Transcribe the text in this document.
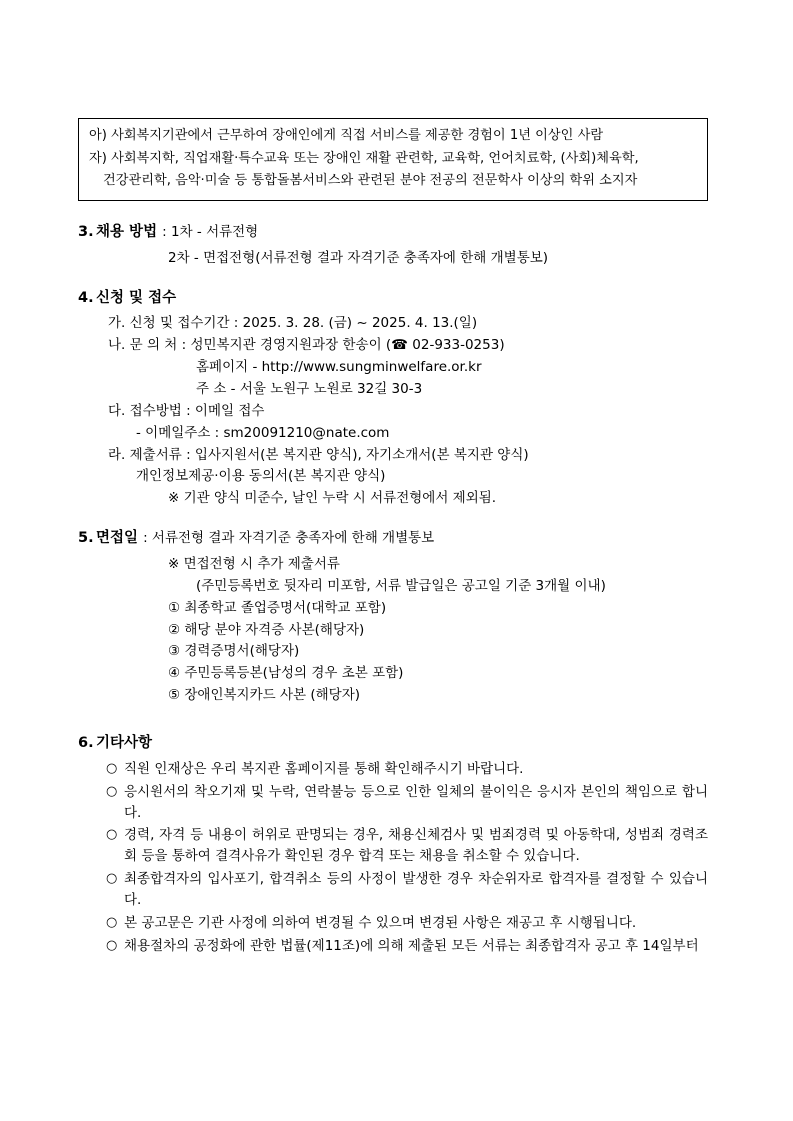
아) 사회복지기관에서 근무하여 장애인에게 직접 서비스를 제공한 경험이 1년 이상인 사람

자) 사회복지학, 직업재활·특수교육 또는 장애인 재활 관련학, 교육학, 언어치료학, (사회)체육학,

건강관리학, 음악·미술 등 통합돌봄서비스와 관련된 분야 전공의 전문학사 이상의 학위 소지자

3. 채용 방법 : 1차 - 서류전형
2차 - 면접전형(서류전형 결과 자격기준 충족자에 한해 개별통보)
4. 신청 및 접수
가. 신청 및 접수기간 : 2025. 3. 28. (금) ~ 2025. 4. 13.(일)
나. 문 의 처 : 성민복지관 경영지원과장 한송이 (☎ 02-933-0253)
홈페이지 - http://www.sungminwelfare.or.kr
주 소 - 서울 노원구 노원로 32길 30-3
다. 접수방법 : 이메일 접수
- 이메일주소 : sm20091210@nate.com
라. 제출서류 : 입사지원서(본 복지관 양식), 자기소개서(본 복지관 양식)
개인정보제공·이용 동의서(본 복지관 양식)
※ 기관 양식 미준수, 날인 누락 시 서류전형에서 제외됨.
5. 면접일 : 서류전형 결과 자격기준 충족자에 한해 개별통보
※ 면접전형 시 추가 제출서류
(주민등록번호 뒷자리 미포함, 서류 발급일은 공고일 기준 3개월 이내)
① 최종학교 졸업증명서(대학교 포함)
② 해당 분야 자격증 사본(해당자)
③ 경력증명서(해당자)
④ 주민등록등본(남성의 경우 초본 포함)
⑤ 장애인복지카드 사본 (해당자)
6. 기타사항
○ 직원 인재상은 우리 복지관 홈페이지를 통해 확인해주시기 바랍니다.
○ 응시원서의 착오기재 및 누락, 연락불능 등으로 인한 일체의 불이익은 응시자 본인의 책임으로 합니다.
○ 경력, 자격 등 내용이 허위로 판명되는 경우, 채용신체검사 및 범죄경력 및 아동학대, 성범죄 경력조회 등을 통하여 결격사유가 확인된 경우 합격 또는 채용을 취소할 수 있습니다.
○ 최종합격자의 입사포기, 합격취소 등의 사정이 발생한 경우 차순위자로 합격자를 결정할 수 있습니다.
○ 본 공고문은 기관 사정에 의하여 변경될 수 있으며 변경된 사항은 재공고 후 시행됩니다.
○ 채용절차의 공정화에 관한 법률(제11조)에 의해 제출된 모든 서류는 최종합격자 공고 후 14일부터
